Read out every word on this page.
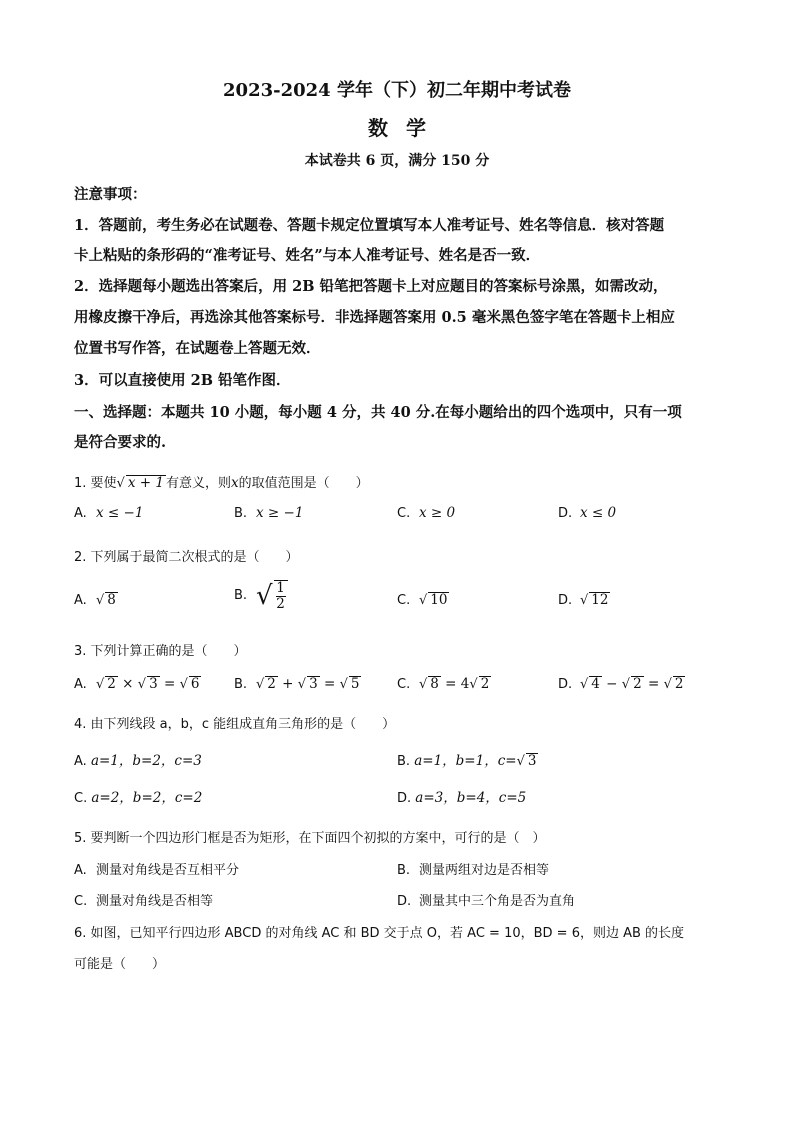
2023-2024 学年（下）初二年期中考试卷
数学
本试卷共 6 页，满分 150 分
注意事项：
1．答题前，考生务必在试题卷、答题卡规定位置填写本人准考证号、姓名等信息．核对答题
卡上粘贴的条形码的“准考证号、姓名”与本人准考证号、姓名是否一致．
2．选择题每小题选出答案后，用 2B 铅笔把答题卡上对应题目的答案标号涂黑，如需改动，
用橡皮擦干净后，再选涂其他答案标号．非选择题答案用 0.5 毫米黑色签字笔在答题卡上相应
位置书写作答，在试题卷上答题无效．
3．可以直接使用 2B 铅笔作图．
一、选择题：本题共 10 小题，每小题 4 分，共 40 分.在每小题给出的四个选项中，只有一项
是符合要求的.
1. 要使√ x + 1 有意义，则x的取值范围是（　　）
A. x ≤ −1	B. x ≥ −1	C. x ≥ 0	D. x ≤ 0
2. 下列属于最简二次根式的是（　　）
A. √ 8	B. √ $\frac{1}{2}$	C. √ 10	D. √ 12
3. 下列计算正确的是（　　）
A. √ 2 × √ 3 = √ 6	B. √ 2 + √ 3 = √ 5	C. √ 8 = 4√ 2	D. √ 4 − √ 2 = √ 2
4. 由下列线段 a，b，c 能组成直角三角形的是（　　）
A. a=1，b=2，c=3	B. a=1，b=1，c=√ 3
C. a=2，b=2，c=2	D. a=3，b=4，c=5
5. 要判断一个四边形门框是否为矩形，在下面四个初拟的方案中，可行的是（　）
A. 测量对角线是否互相平分	B. 测量两组对边是否相等
C. 测量对角线是否相等	D. 测量其中三个角是否为直角
6. 如图，已知平行四边形 ABCD 的对角线 AC 和 BD 交于点 O，若 AC = 10，BD = 6，则边 AB 的长度
可能是（　　）
